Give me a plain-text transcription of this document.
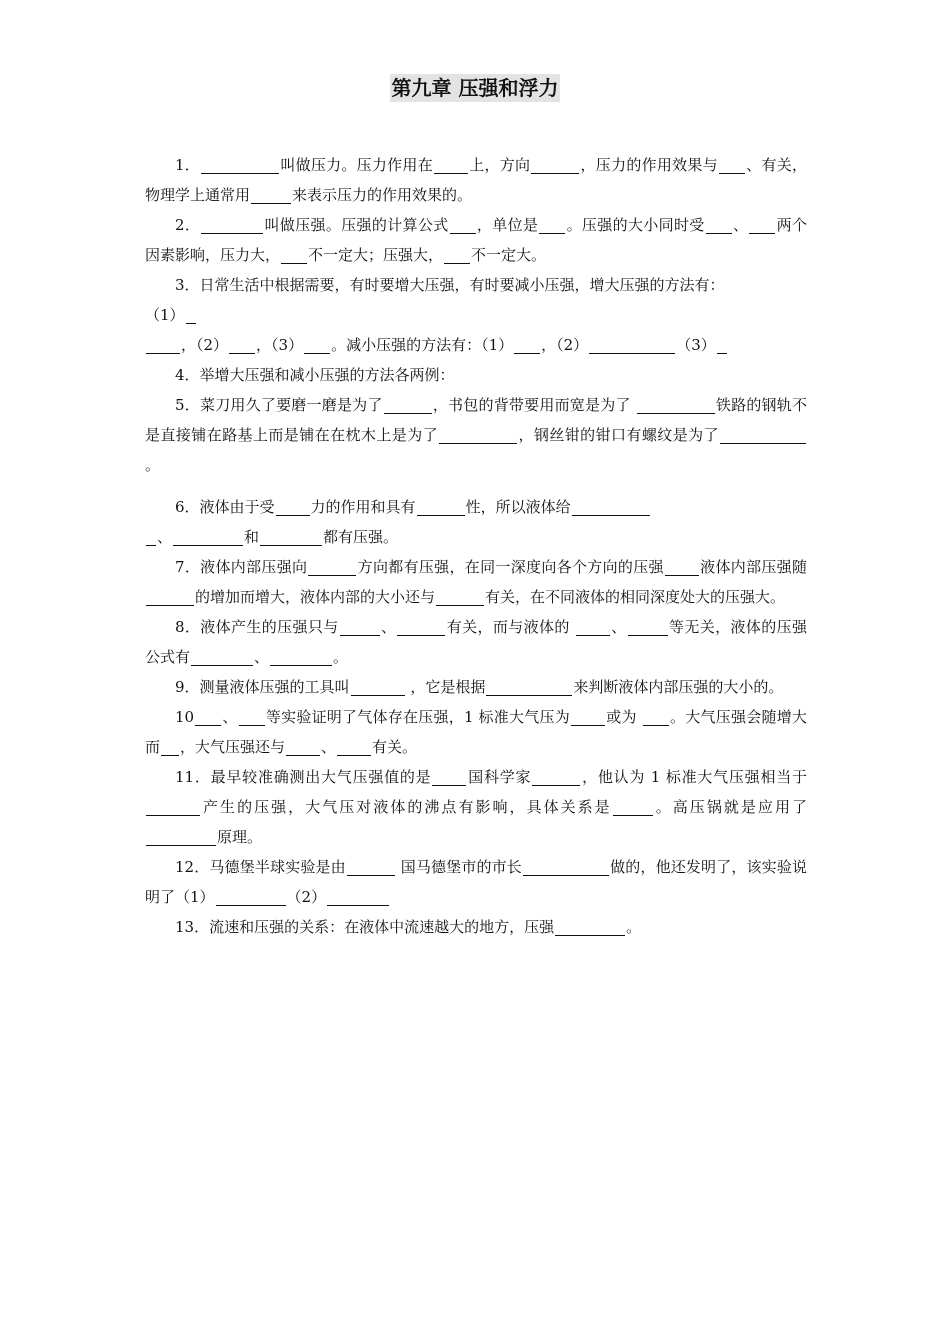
第九章 压强和浮力

1．	叫做压力。压力作用在 上，方向	，压力的作用效果与 、有关，物理学上通常用	来表示压力的作用效果的。

2．	叫做压强。压强的计算公式 ，单位是 。压强的大小同时受 、 两个因素影响，压力大， 不一定大；压强大， 不一定大。

3．日常生活中根据需要，有时要增大压强，有时要减小压强，增大压强的方法有：
（1）

，（2） ，（3） 。减小压强的方法有：（1） ，（2）	（3）

4．举增大压强和减小压强的方法各两例：

5．菜刀用久了要磨一磨是为了	，书包的背带要用而宽是为了	铁路的钢轨不是直接铺在路基上而是铺在在枕木上是为了	，钢丝钳的钳口有螺纹是为了。

6．液体由于受 力的作用和具有	性，所以液体给

、	和	都有压强。

7．液体内部压强向	方向都有压强，在同一深度向各个方向的压强 液体内部压强随的增加而增大，液体内部的大小还与	有关，在不同液体的相同深度处大的压强大。

8．液体产生的压强只与	、	有关，而与液体的 、	等无关，液体的压强公式有	、	。

9．测量液体压强的工具叫	，它是根据	来判断液体内部压强的大小的。

10 、 等实验证明了气体存在压强，1 标准大气压为 或为 。大气压强会随增大而 ，大气压强还与 、 有关。

11．最早较准确测出大气压强值的是 国科学家	，他认为 1 标准大气压强相当于产生的压强，大气压对液体的沸点有影响，具体关系是	。高压锅就是应用了原理。

12．马德堡半球实验是由	国马德堡市的市长	做的，他还发明了，该实验说明了（1）	（2）

13．流速和压强的关系：在液体中流速越大的地方，压强	。
